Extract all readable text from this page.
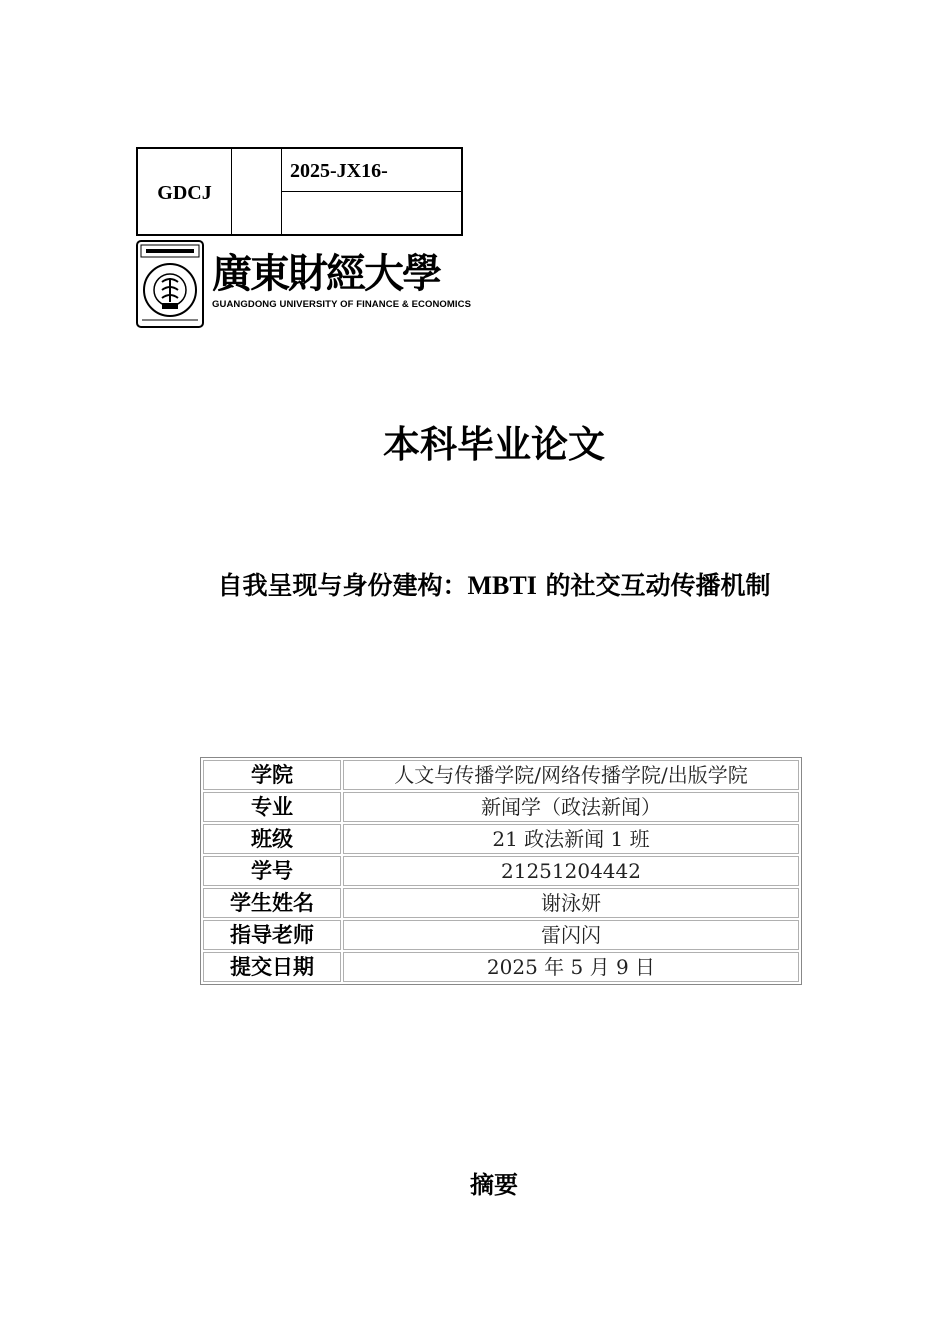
GDCJ
2025-JX16-
廣東財經大學
GUANGDONG UNIVERSITY OF FINANCE & ECONOMICS
本科毕业论文
自我呈现与身份建构：MBTI 的社交互动传播机制
学院	人文与传播学院/网络传播学院/出版学院
专业	新闻学（政法新闻）
班级	21 政法新闻 1 班
学号	21251204442
学生姓名	谢泳妍
指导老师	雷闪闪
提交日期	2025 年 5 月 9 日
摘要
